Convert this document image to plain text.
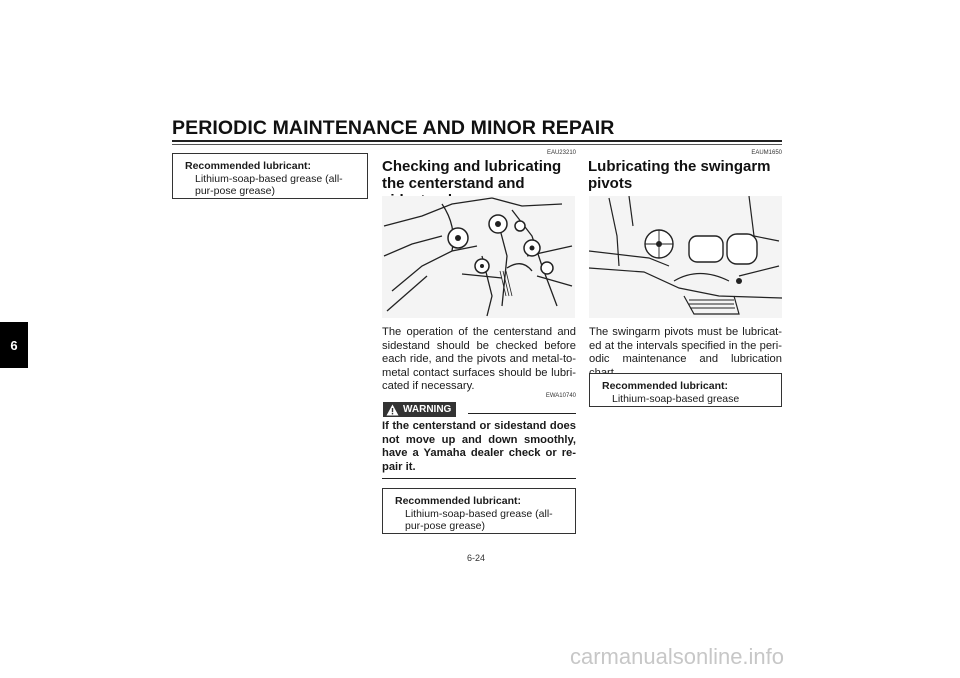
PERIODIC MAINTENANCE AND MINOR REPAIR
6
Recommended lubricant:
Lithium-soap-based grease (all-pur-pose grease)
EAU23210
Checking and lubricating the centerstand and
The operation of the centerstand and sidestand should be checked before each ride, and the pivots and metal-to-metal contact surfaces should be lubri-cated if necessary.
EWA10740
WARNING
If the centerstand or sidestand does not move up and down smoothly, have a Yamaha dealer check or re-pair it.
Recommended lubricant:
Lithium-soap-based grease (all-pur-pose grease)
EAUM1650
Lubricating the swingarm pivots
The swingarm pivots must be lubricat-ed at the intervals specified in the peri-odic maintenance and lubrication
Recommended lubricant:
Lithium-soap-based grease
6-24
carmanualsonline.info
